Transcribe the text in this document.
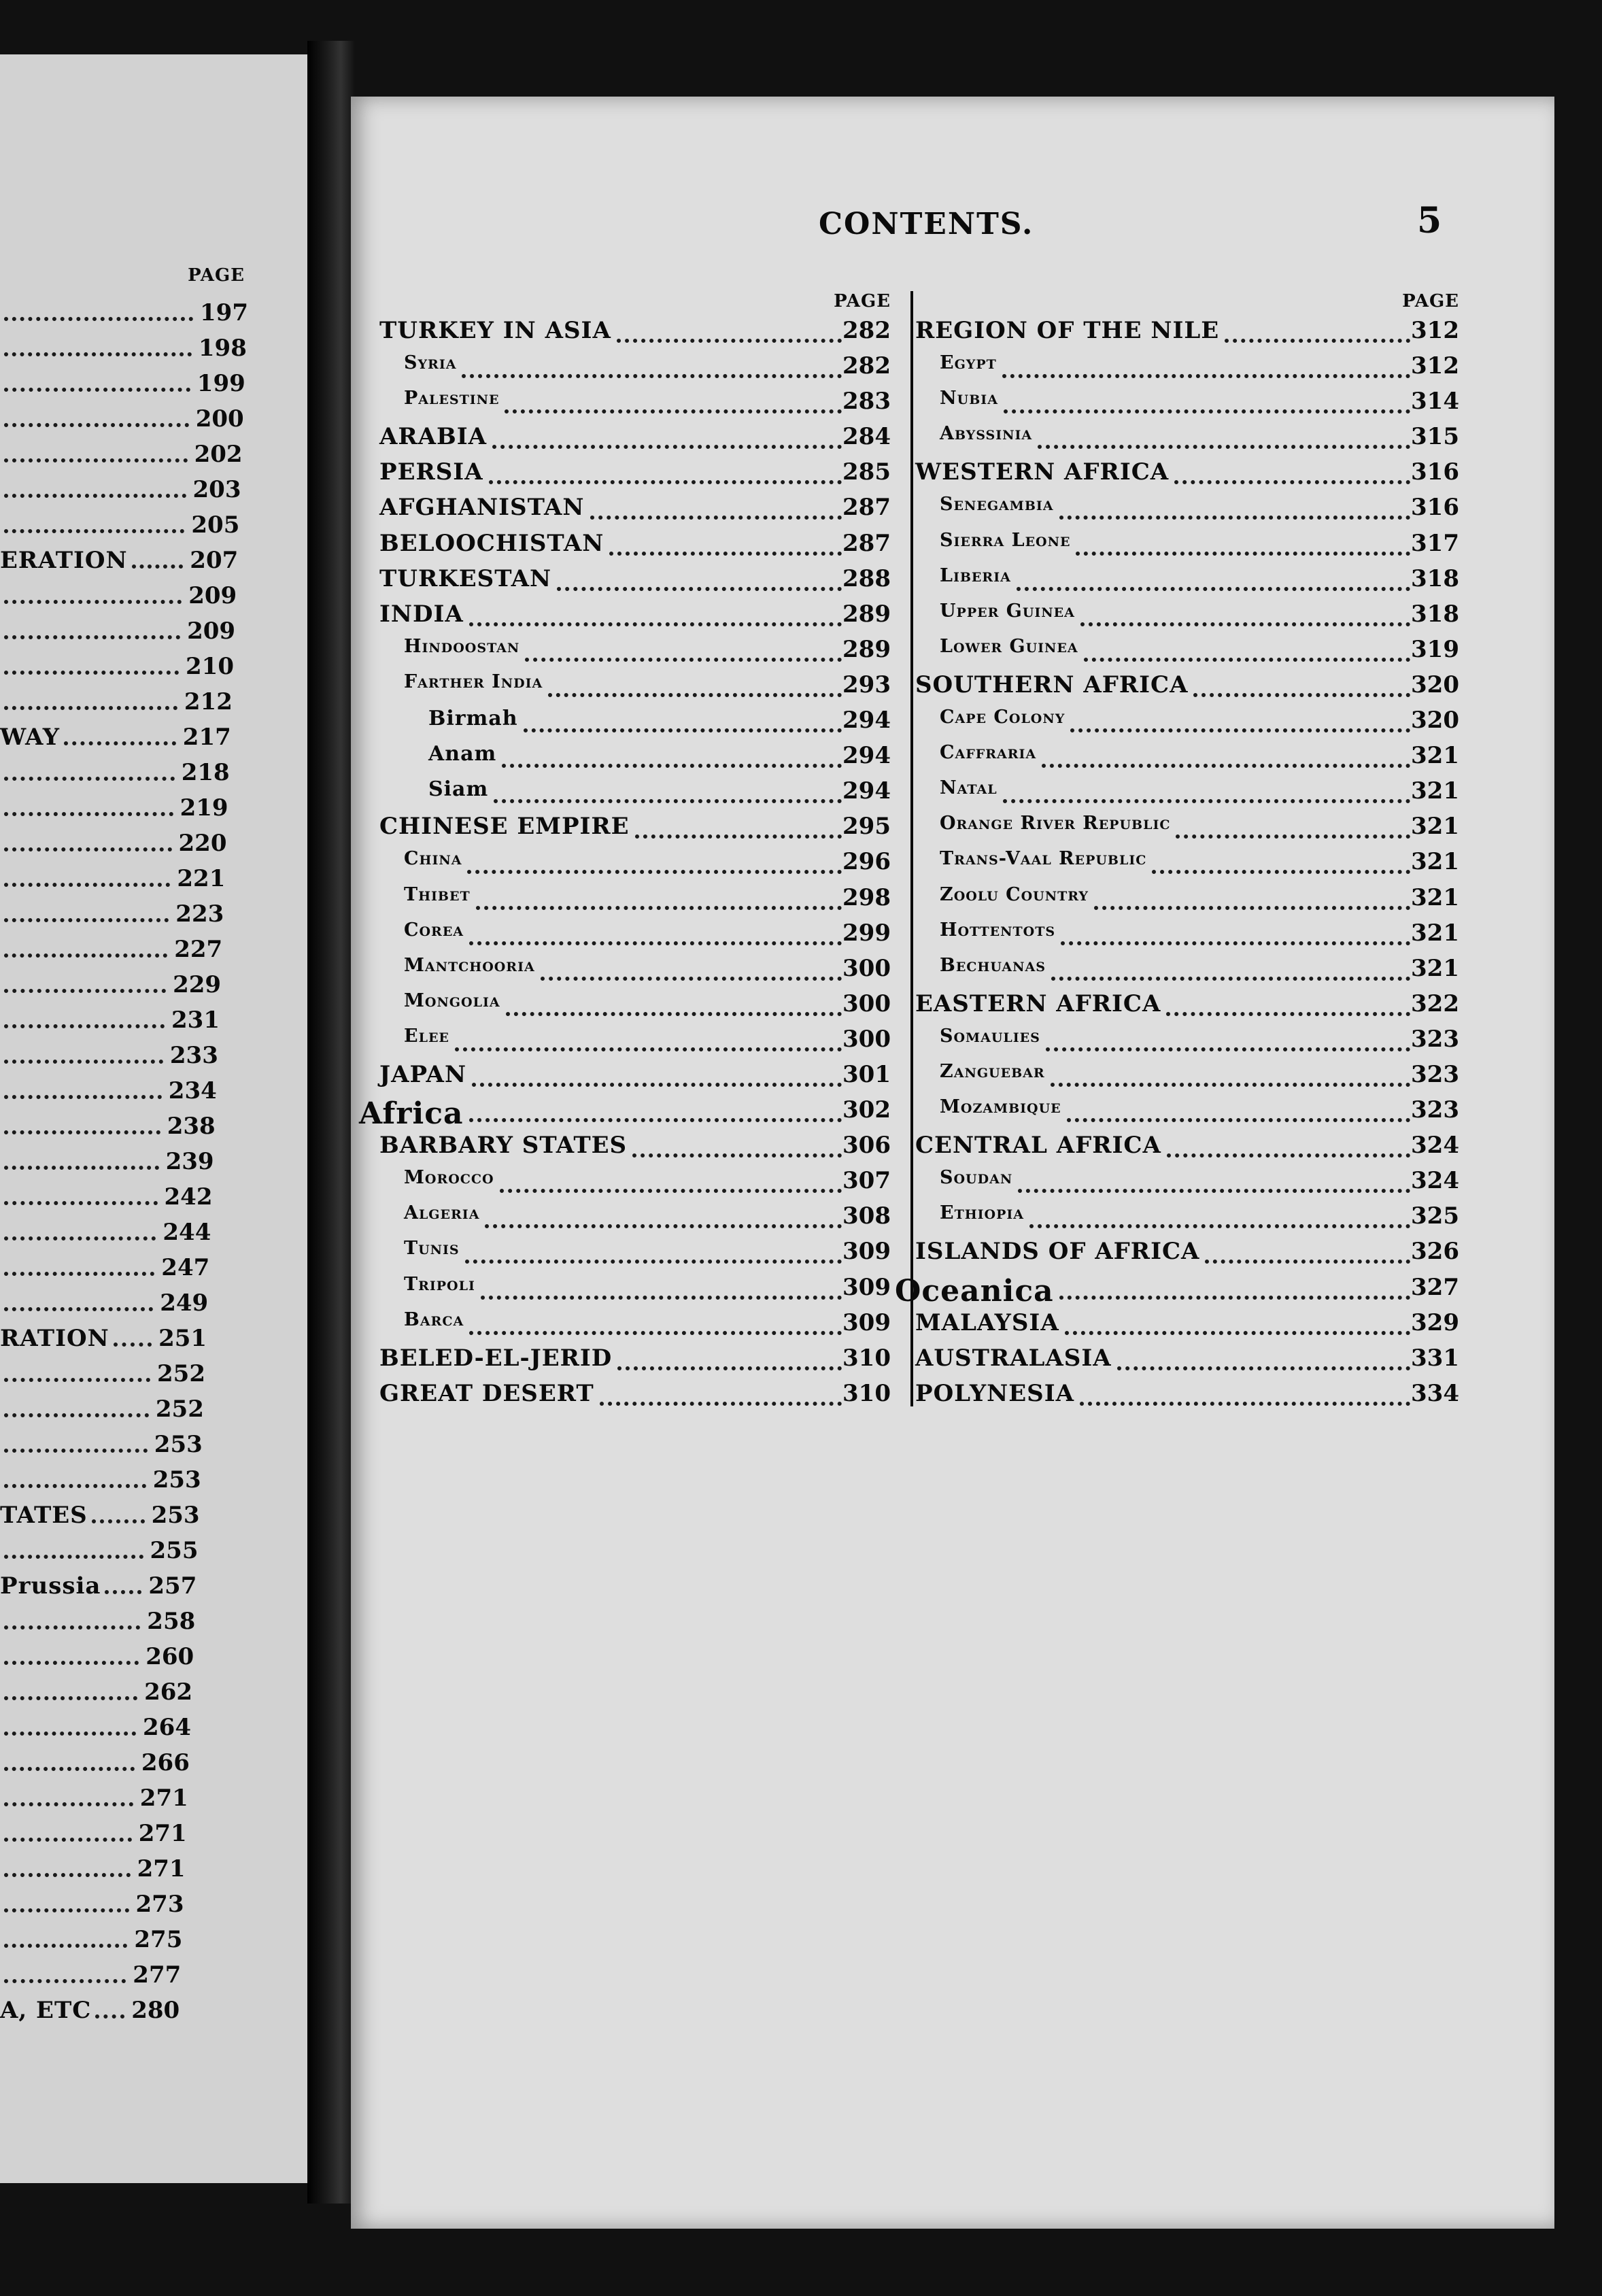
PAGE
197
198
199
200
202
203
205
ERATION	207
209
209
210
212
WAY	217
218
219
220
221
223
227
229
231
233
234
238
239
242
244
247
249
RATION 251
252
252
253
253
TATES	253
255
Prussia 257
258
260
262
264
266
271
271
271
273
275
277
A, ETC 280
CONTENTS.	5
PAGE
TURKEY IN ASIA	282
Syria	282
Palestine	283
ARABIA	284
PERSIA	285
AFGHANISTAN	287
BELOOCHISTAN	287
TURKESTAN	288
INDIA	289
Hindoostan	289
Farther India	293
Birmah	294
Anam	294
Siam	294
CHINESE EMPIRE	295
China	296
Thibet	298
Corea	299
Mantchooria	300
Mongolia	300
Elee	300
JAPAN	301
Africa	302
BARBARY STATES	306
Morocco	307
Algeria	308
Tunis	309
Tripoli	309
Barca	309
BELED-EL-JERID	310
GREAT DESERT	310
PAGE
REGION OF THE NILE	312
Egypt	312
Nubia	314
Abyssinia	315
WESTERN AFRICA	316
Senegambia	316
Sierra Leone	317
Liberia	318
Upper Guinea	318
Lower Guinea	319
SOUTHERN AFRICA	320
Cape Colony	320
Caffraria	321
Natal	321
Orange River Republic	321
Trans-Vaal Republic	321
Zoolu Country	321
Hottentots	321
Bechuanas	321
EASTERN AFRICA	322
Somaulies	323
Zanguebar	323
Mozambique	323
CENTRAL AFRICA	324
Soudan	324
Ethiopia	325
ISLANDS OF AFRICA	326
Oceanica	327
MALAYSIA	329
AUSTRALASIA	331
POLYNESIA	334
